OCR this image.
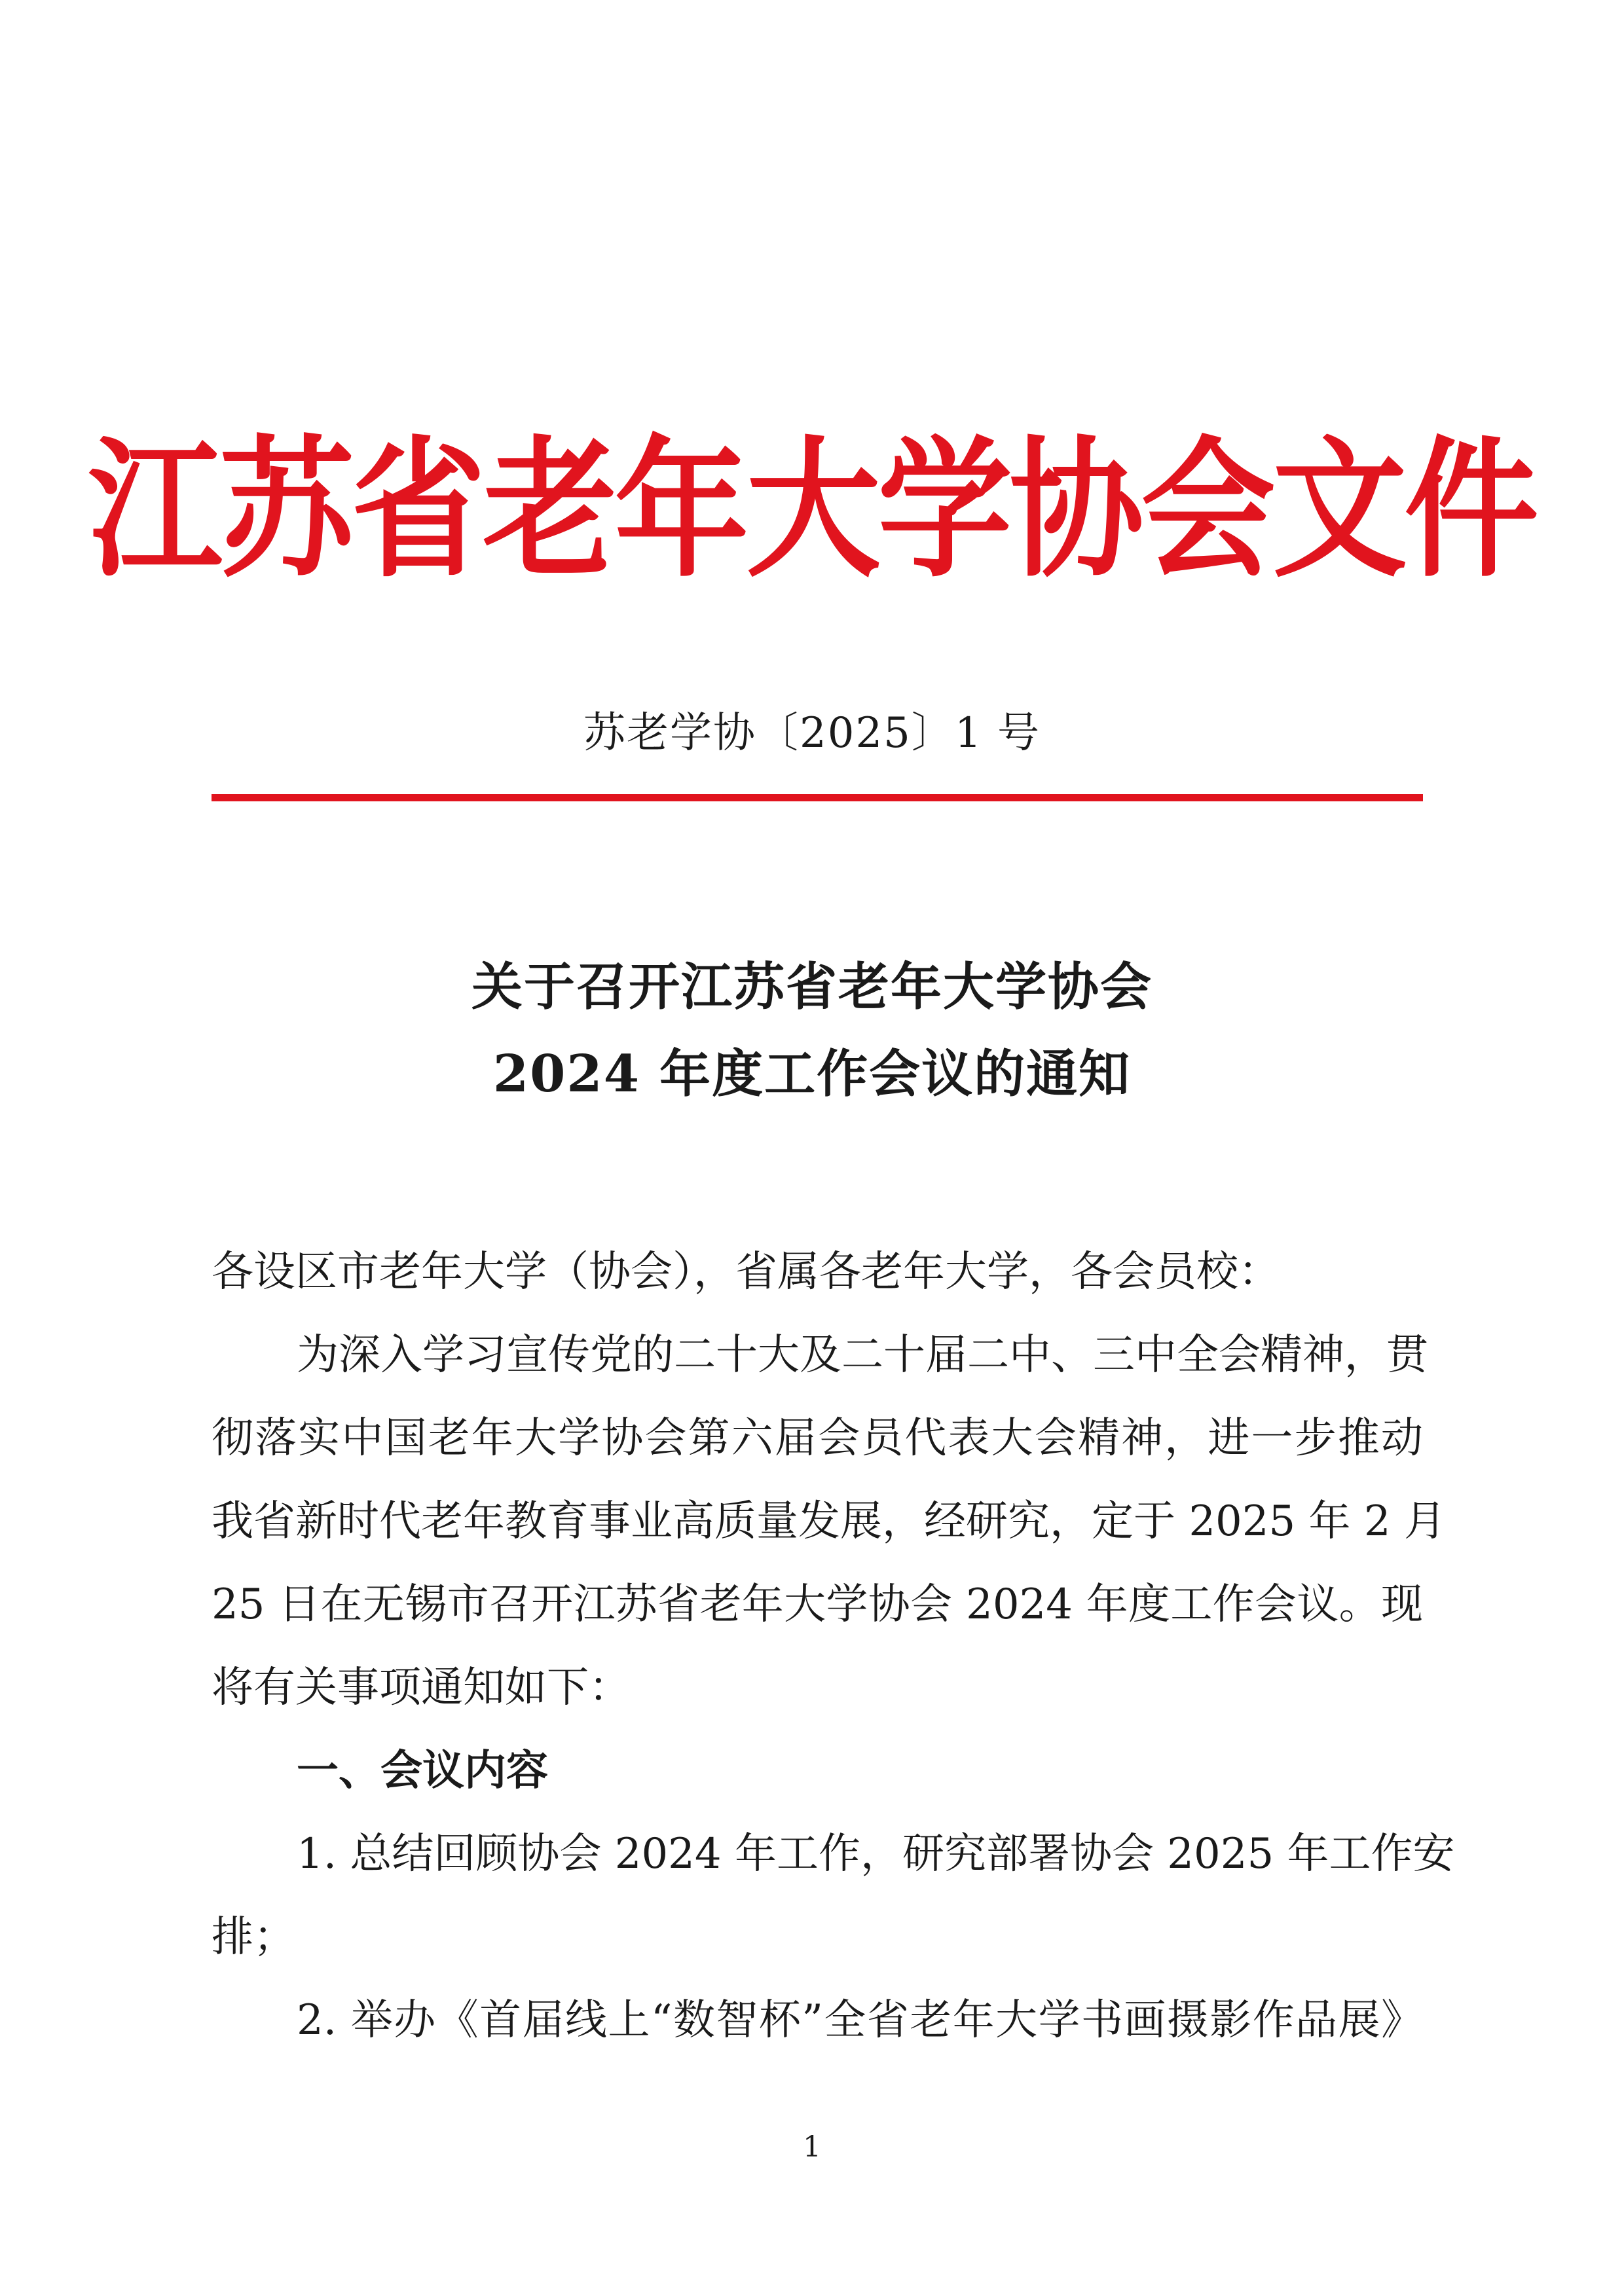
江苏省老年大学协会文件
苏老学协〔2025〕1 号
关于召开江苏省老年大学协会
2024 年度工作会议的通知
各设区市老年大学（协会），省属各老年大学，各会员校：
为深入学习宣传党的二十大及二十届二中、三中全会精神，贯
彻落实中国老年大学协会第六届会员代表大会精神，进一步推动
我省新时代老年教育事业高质量发展，经研究，定于 2025 年 2 月
25 日在无锡市召开江苏省老年大学协会 2024 年度工作会议。现
将有关事项通知如下：
一、会议内容
1. 总结回顾协会 2024 年工作，研究部署协会 2025 年工作安
排；
2. 举办《首届线上“数智杯”全省老年大学书画摄影作品展》
1
